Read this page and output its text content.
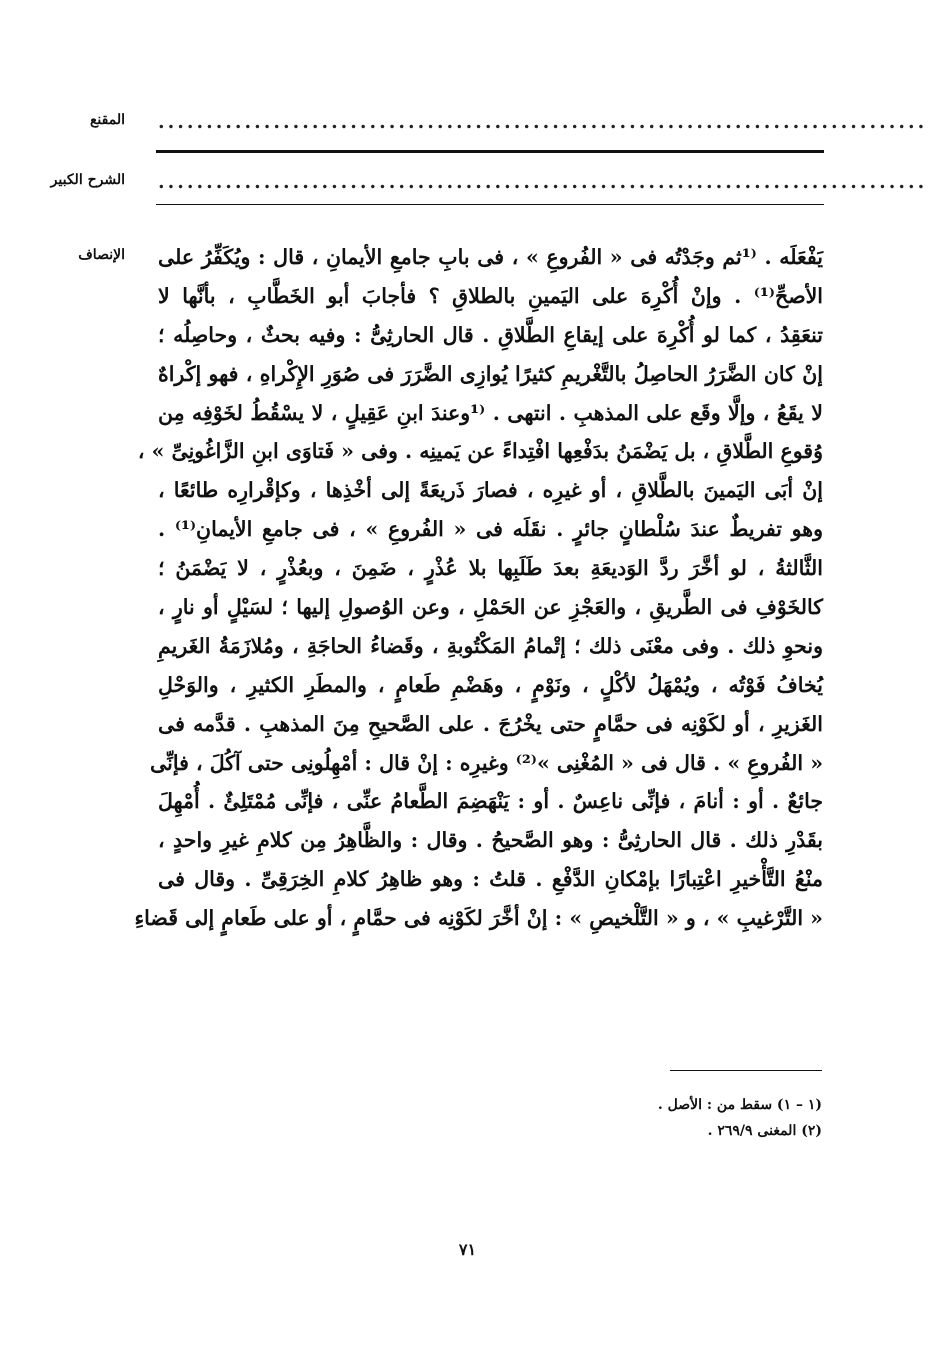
المقنع ................................................................................
الشرح الكبير ................................................................................
الإنصاف يَفْعَلَه . ⁽¹ثم وجَدْتُه فى « الفُروعِ » ، فى بابِ جامعِ الأيمانِ ، قال : ويُكَفِّرُ على
الأصحِّ⁽¹⁾ . وإنْ أُكْرِهَ على اليَمينِ بالطلاقِ ؟ فأجابَ أبو الخَطَّابِ ، بأنَّها لا
تنعَقِدُ ، كما لو أُكْرِهَ على إيقاعِ الطَّلاقِ . قال الحارثِىُّ : وفيه بحثٌ ، وحاصِلُه ؛
إنْ كان الضَّرَرُ الحاصِلُ بالتَّغْريمِ كثيرًا يُوازِى الضَّرَرَ فى صُوَرِ الإِكْراهِ ، فهو إكْراهٌ
لا يقَعُ ، وإلَّا وقَع على المذهبِ . انتهى . ⁽¹وعندَ ابنِ عَقِيلٍ ، لا يسْقُطُ لخَوْفِه مِن
وُقوعِ الطَّلاقِ ، بل يَضْمَنُ بدَفْعِها افْتِداءً عن يَمينِه . وفى « فَتاوَى ابنِ الزَّاغُونِىِّ » ،
إنْ أبَى اليَمينَ بالطَّلاقِ ، أو غيرِه ، فصارَ ذَريعَةً إلى أخْذِها ، وكإقْرارِه طائعًا ،
وهو تفريطٌ عندَ سُلْطانٍ جائرٍ . نقَلَه فى « الفُروعِ » ، فى جامعِ الأيمانِ⁽¹⁾ .
الثَّالثةُ ، لو أخَّرَ ردَّ الوَديعَةِ بعدَ طَلَبِها بلا عُذْرٍ ، ضَمِنَ ، وبعُذْرٍ ، لا يَضْمَنُ ؛
كالخَوْفِ فى الطَّريقِ ، والعَجْزِ عن الحَمْلِ ، وعن الوُصولِ إليها ؛ لسَيْلٍ أو نارٍ ،
ونحوِ ذلك . وفى معْنَى ذلك ؛ إتْمامُ المَكْتُوبةِ ، وقَضاءُ الحاجَةِ ، ومُلازَمَةُ الغَريمِ
يُخافُ فَوْتُه ، ويُمْهَلُ لأكْلٍ ، ونَوْمٍ ، وهَضْمِ طَعامٍ ، والمطَرِ الكثيرِ ، والوَحْلِ
الغَزيرِ ، أو لكَوْنِه فى حمَّامٍ حتى يخْرُجَ . على الصَّحيحِ مِنَ المذهبِ . قدَّمه فى
« الفُروعِ » . قال فى « المُغْنِى »⁽²⁾ وغيرِه : إنْ قال : أمْهِلُونِى حتى آكُلَ ، فإنِّى
جائعٌ . أو : أنامَ ، فإنِّى ناعِسٌ . أو : يَنْهَضِمَ الطَّعامُ عنِّى ، فإنِّى مُمْتَلِئٌ . أُمْهِلَ
بقَدْرِ ذلك . قال الحارثِىُّ : وهو الصَّحيحُ . وقال : والظَّاهِرُ مِن كلامِ غيرِ واحدٍ ،
منْعُ التَّأْخيرِ اعْتِبارًا بإمْكانِ الدَّفْعِ . قلتُ : وهو ظاهِرُ كلامِ الخِرَقِىِّ . وقال فى
« التَّرْغيبِ » ، و « التَّلْخيصِ » : إنْ أخَّرَ لكَوْنِه فى حمَّامٍ ، أو على طَعامٍ إلى قَضاءِ
(١ – ١) سقط من : الأصل .
(٢) المغنى ٢٦٩/٩ .
٧١
